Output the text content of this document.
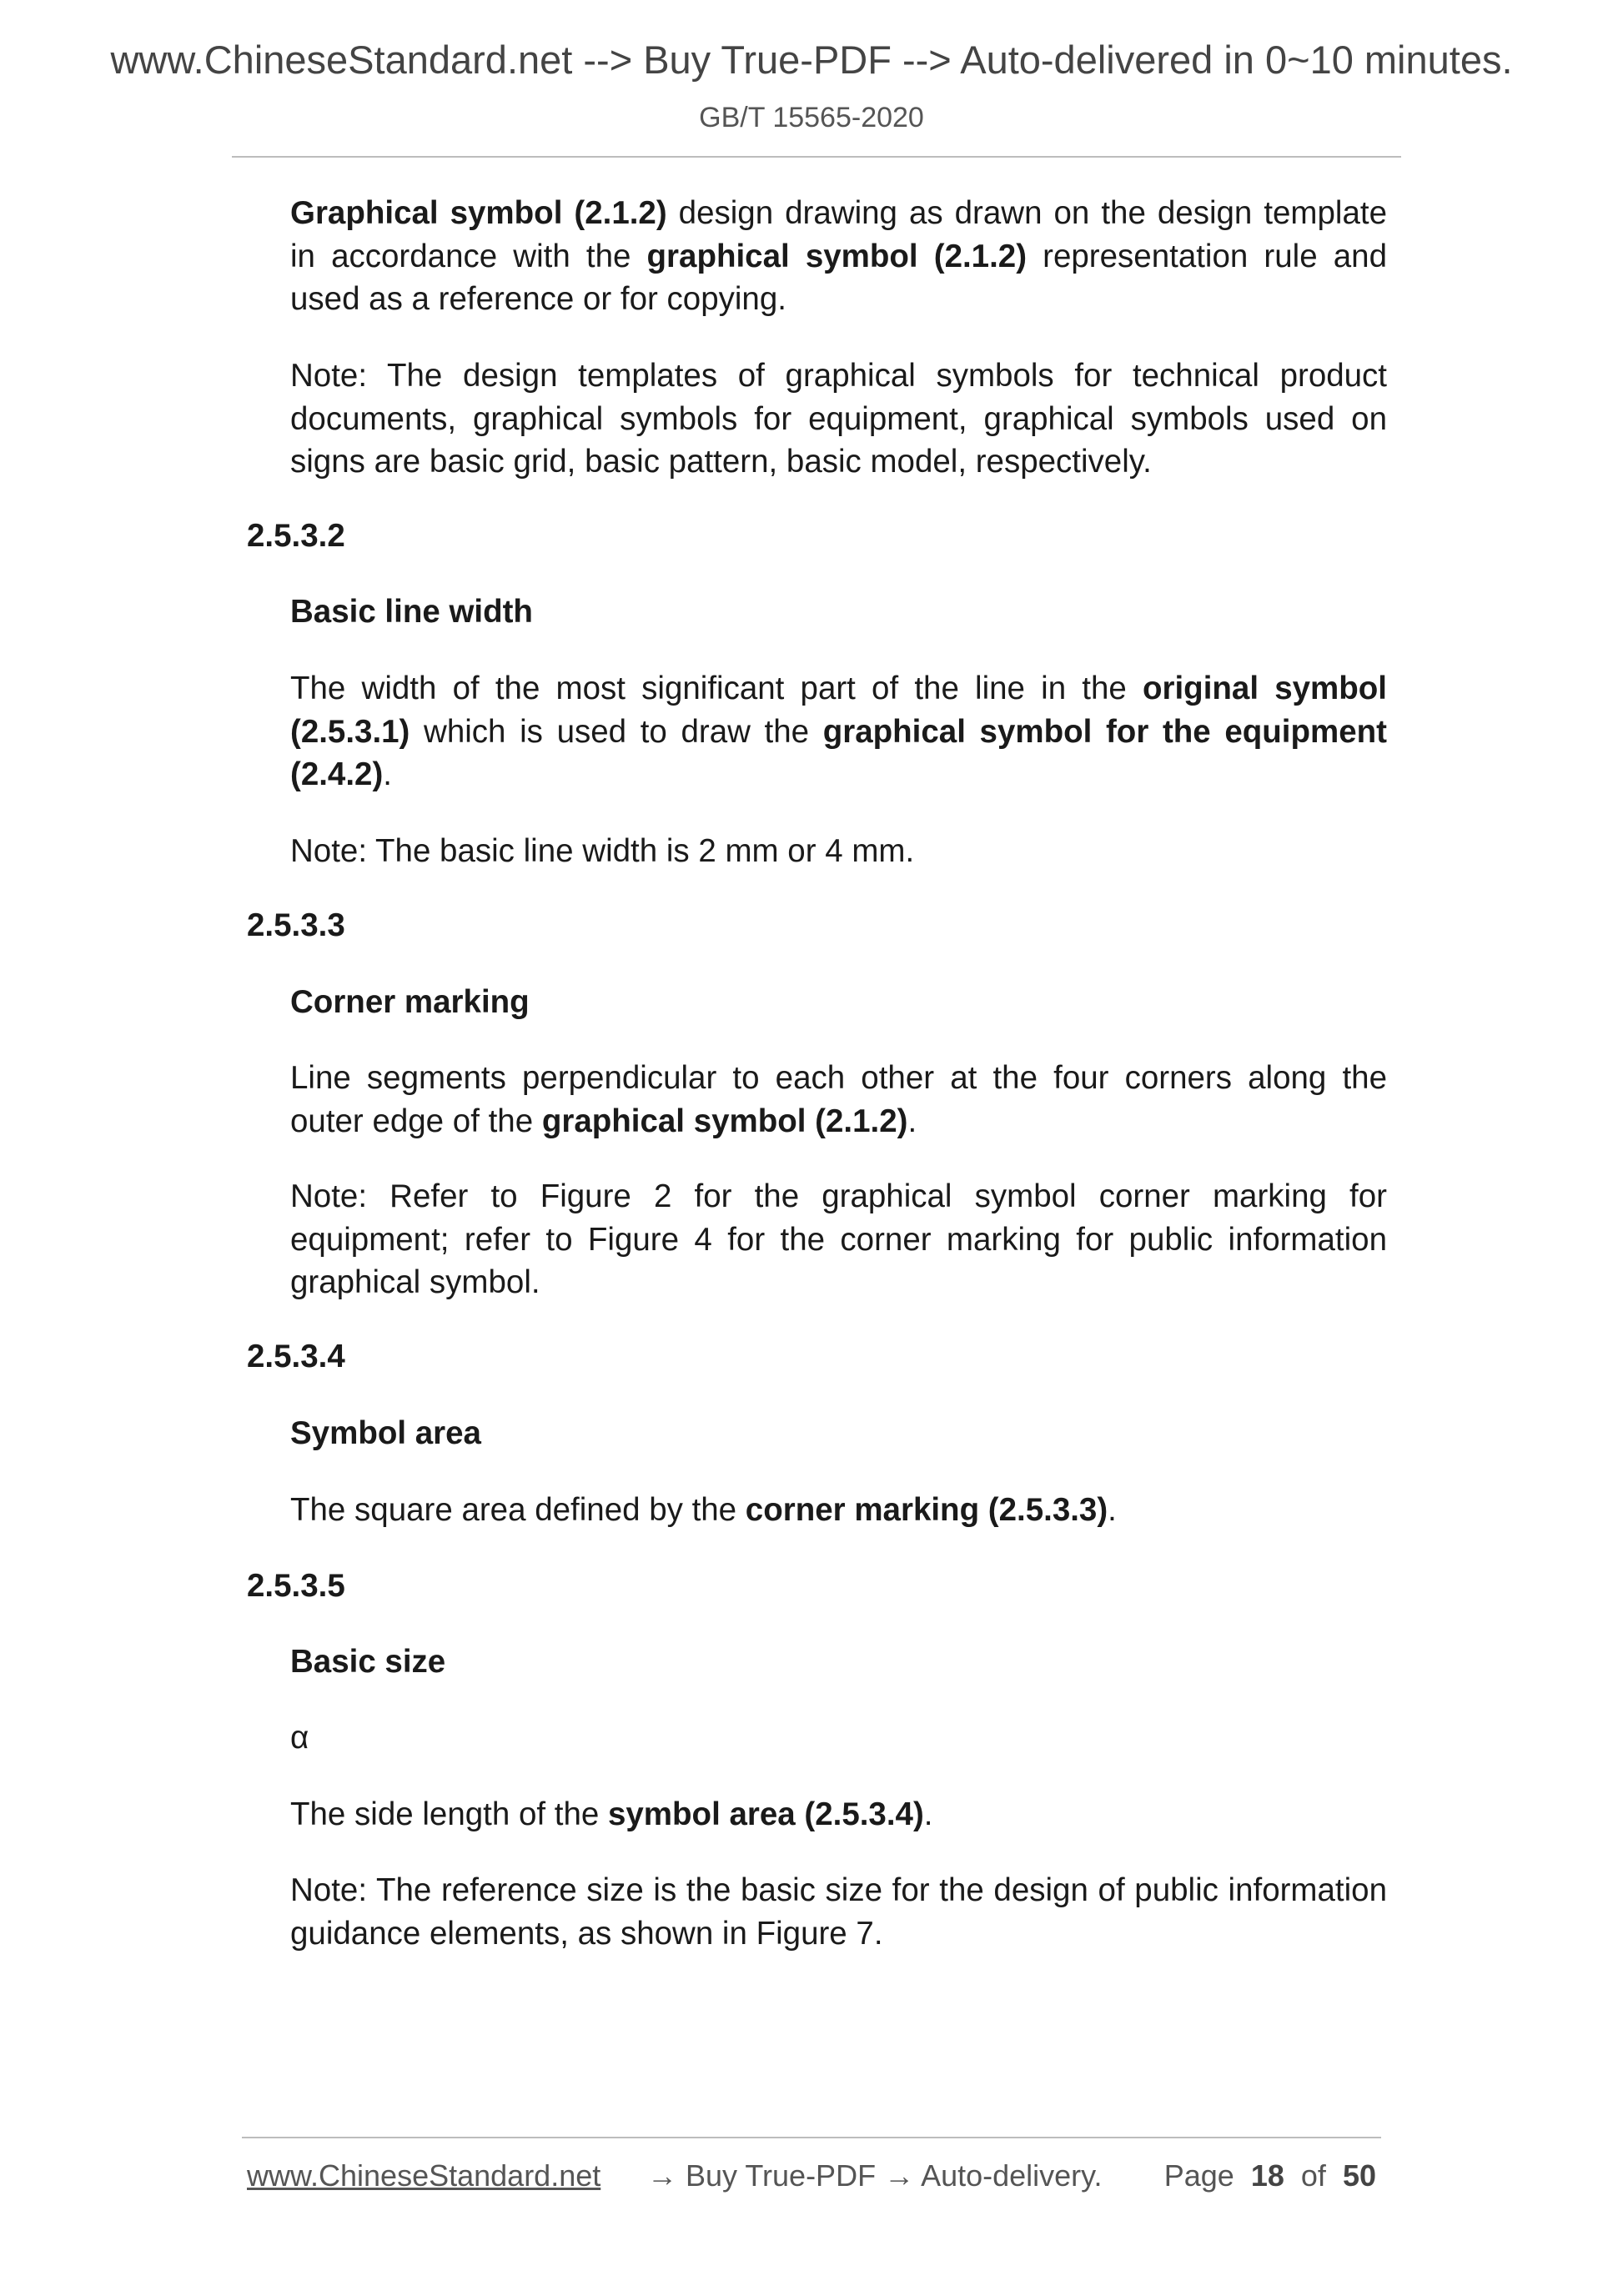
www.ChineseStandard.net --> Buy True-PDF --> Auto-delivered in 0~10 minutes.
GB/T 15565-2020
Graphical symbol (2.1.2) design drawing as drawn on the design template in accordance with the graphical symbol (2.1.2) representation rule and used as a reference or for copying.
Note: The design templates of graphical symbols for technical product documents, graphical symbols for equipment, graphical symbols used on signs are basic grid, basic pattern, basic model, respectively.
2.5.3.2
Basic line width
The width of the most significant part of the line in the original symbol (2.5.3.1) which is used to draw the graphical symbol for the equipment (2.4.2).
Note: The basic line width is 2 mm or 4 mm.
2.5.3.3
Corner marking
Line segments perpendicular to each other at the four corners along the outer edge of the graphical symbol (2.1.2).
Note: Refer to Figure 2 for the graphical symbol corner marking for equipment; refer to Figure 4 for the corner marking for public information graphical symbol.
2.5.3.4
Symbol area
The square area defined by the corner marking (2.5.3.3).
2.5.3.5
Basic size
α
The side length of the symbol area (2.5.3.4).
Note: The reference size is the basic size for the design of public information guidance elements, as shown in Figure 7.
www.ChineseStandard.net → Buy True-PDF → Auto-delivery. Page 18 of 50
